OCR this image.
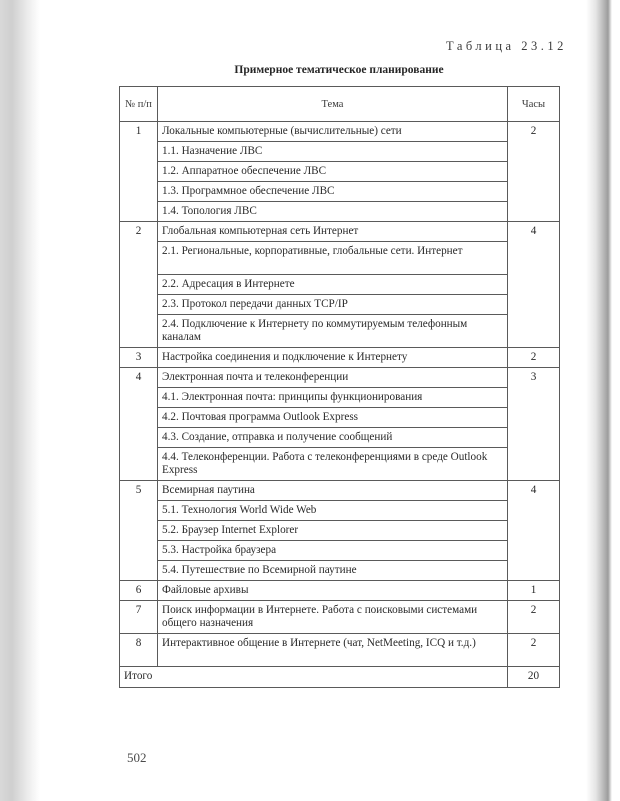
Таблица 23.12
Примерное тематическое планирование
№ п/п	Тема	Часы
1	Локальные компьютерные (вычислительные) сети	2
	1.1. Назначение ЛВС	
	1.2. Аппаратное обеспечение ЛВС	
	1.3. Программное обеспечение ЛВС	
	1.4. Топология ЛВС	
2	Глобальная компьютерная сеть Интернет	4
	2.1. Региональные, корпоративные, глобальные сети. Интернет	
	2.2. Адресация в Интернете	
	2.3. Протокол передачи данных TCP/IP	
	2.4. Подключение к Интернету по коммутируемым телефонным каналам	
3	Настройка соединения и подключение к Интернету	2
4	Электронная почта и телеконференции	3
	4.1. Электронная почта: принципы функционирования	
	4.2. Почтовая программа Outlook Express	
	4.3. Создание, отправка и получение сообщений	
	4.4. Телеконференции. Работа с телеконференциями в среде Outlook Express	
5	Всемирная паутина	4
	5.1. Технология World Wide Web	
	5.2. Браузер Internet Explorer	
	5.3. Настройка браузера	
	5.4. Путешествие по Всемирной паутине	
6	Файловые архивы	1
7	Поиск информации в Интернете. Работа с поисковыми системами общего назначения	2
8	Интерактивное общение в Интернете (чат, NetMeeting, ICQ и т.д.)	2
Итого		20
502
